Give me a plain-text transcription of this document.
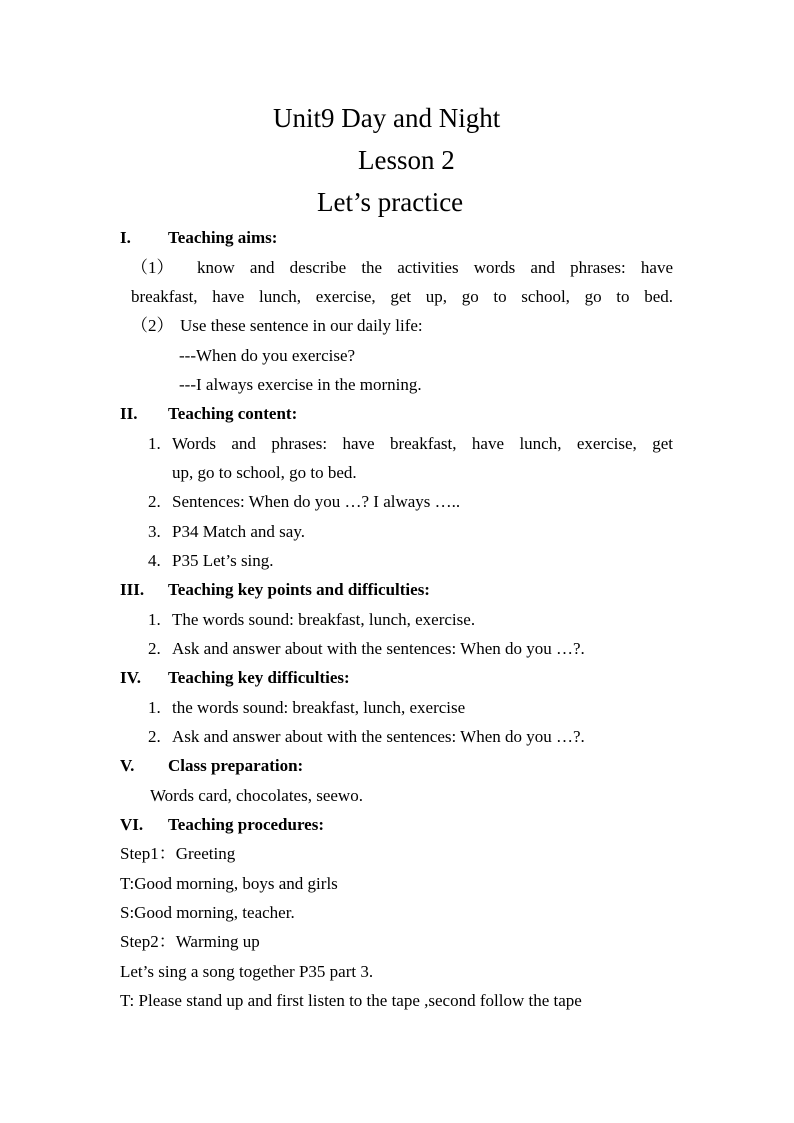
Unit9 Day and Night
Lesson 2
Let’s practice
I. Teaching aims:
（1） know and describe the activities words and phrases: have
breakfast, have lunch, exercise, get up, go to school, go to bed.
（2） Use these sentence in our daily life:
---When do you exercise?
---I always exercise in the morning.
II. Teaching content:
1. Words and phrases: have breakfast, have lunch, exercise, get
up, go to school, go to bed.
2. Sentences: When do you …? I always …..
3. P34 Match and say.
4. P35 Let’s sing.
III. Teaching key points and difficulties:
1. The words sound: breakfast, lunch, exercise.
2. Ask and answer about with the sentences: When do you …?.
IV. Teaching key difficulties:
1. the words sound: breakfast, lunch, exercise
2. Ask and answer about with the sentences: When do you …?.
V. Class preparation:
Words card, chocolates, seewo.
VI. Teaching procedures:
Step1：Greeting
T:Good morning, boys and girls
S:Good morning, teacher.
Step2：Warming up
Let’s sing a song together P35 part 3.
T: Please stand up and first listen to the tape ,second follow the tape
